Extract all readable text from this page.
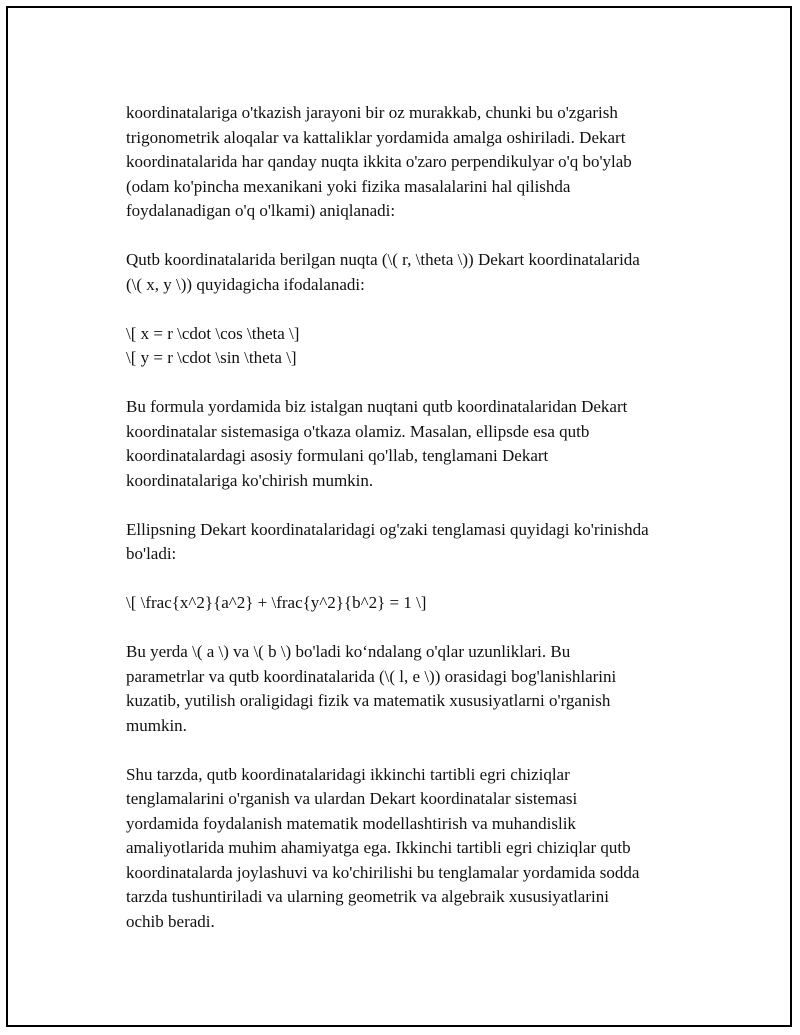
koordinatalariga o'tkazish jarayoni bir oz murakkab, chunki bu o'zgarish
trigonometrik aloqalar va kattaliklar yordamida amalga oshiriladi. Dekart
koordinatalarida har qanday nuqta ikkita o'zaro perpendikulyar o'q bo'ylab
(odam ko'pincha mexanikani yoki fizika masalalarini hal qilishda
foydalanadigan o'q o'lkami) aniqlanadi:

Qutb koordinatalarida berilgan nuqta (\( r, \theta \)) Dekart koordinatalarida
(\( x, y \)) quyidagicha ifodalanadi:

\[ x = r \cdot \cos \theta \]
\[ y = r \cdot \sin \theta \]

Bu formula yordamida biz istalgan nuqtani qutb koordinatalaridan Dekart
koordinatalar sistemasiga o'tkaza olamiz. Masalan, ellipsde esa qutb
koordinatalardagi asosiy formulani qo'llab, tenglamani Dekart
koordinatalariga ko'chirish mumkin.

Ellipsning Dekart koordinatalaridagi og'zaki tenglamasi quyidagi ko'rinishda
bo'ladi:

\[ \frac{x^2}{a^2} + \frac{y^2}{b^2} = 1 \]

Bu yerda \( a \) va \( b \) bo'ladi ko‘ndalang o'qlar uzunliklari. Bu
parametrlar va qutb koordinatalarida (\( l, e \)) orasidagi bog'lanishlarini
kuzatib, yutilish oraligidagi fizik va matematik xususiyatlarni o'rganish
mumkin.

Shu tarzda, qutb koordinatalaridagi ikkinchi tartibli egri chiziqlar
tenglamalarini o'rganish va ulardan Dekart koordinatalar sistemasi
yordamida foydalanish matematik modellashtirish va muhandislik
amaliyotlarida muhim ahamiyatga ega. Ikkinchi tartibli egri chiziqlar qutb
koordinatalarda joylashuvi va ko'chirilishi bu tenglamalar yordamida sodda
tarzda tushuntiriladi va ularning geometrik va algebraik xususiyatlarini
ochib beradi.
